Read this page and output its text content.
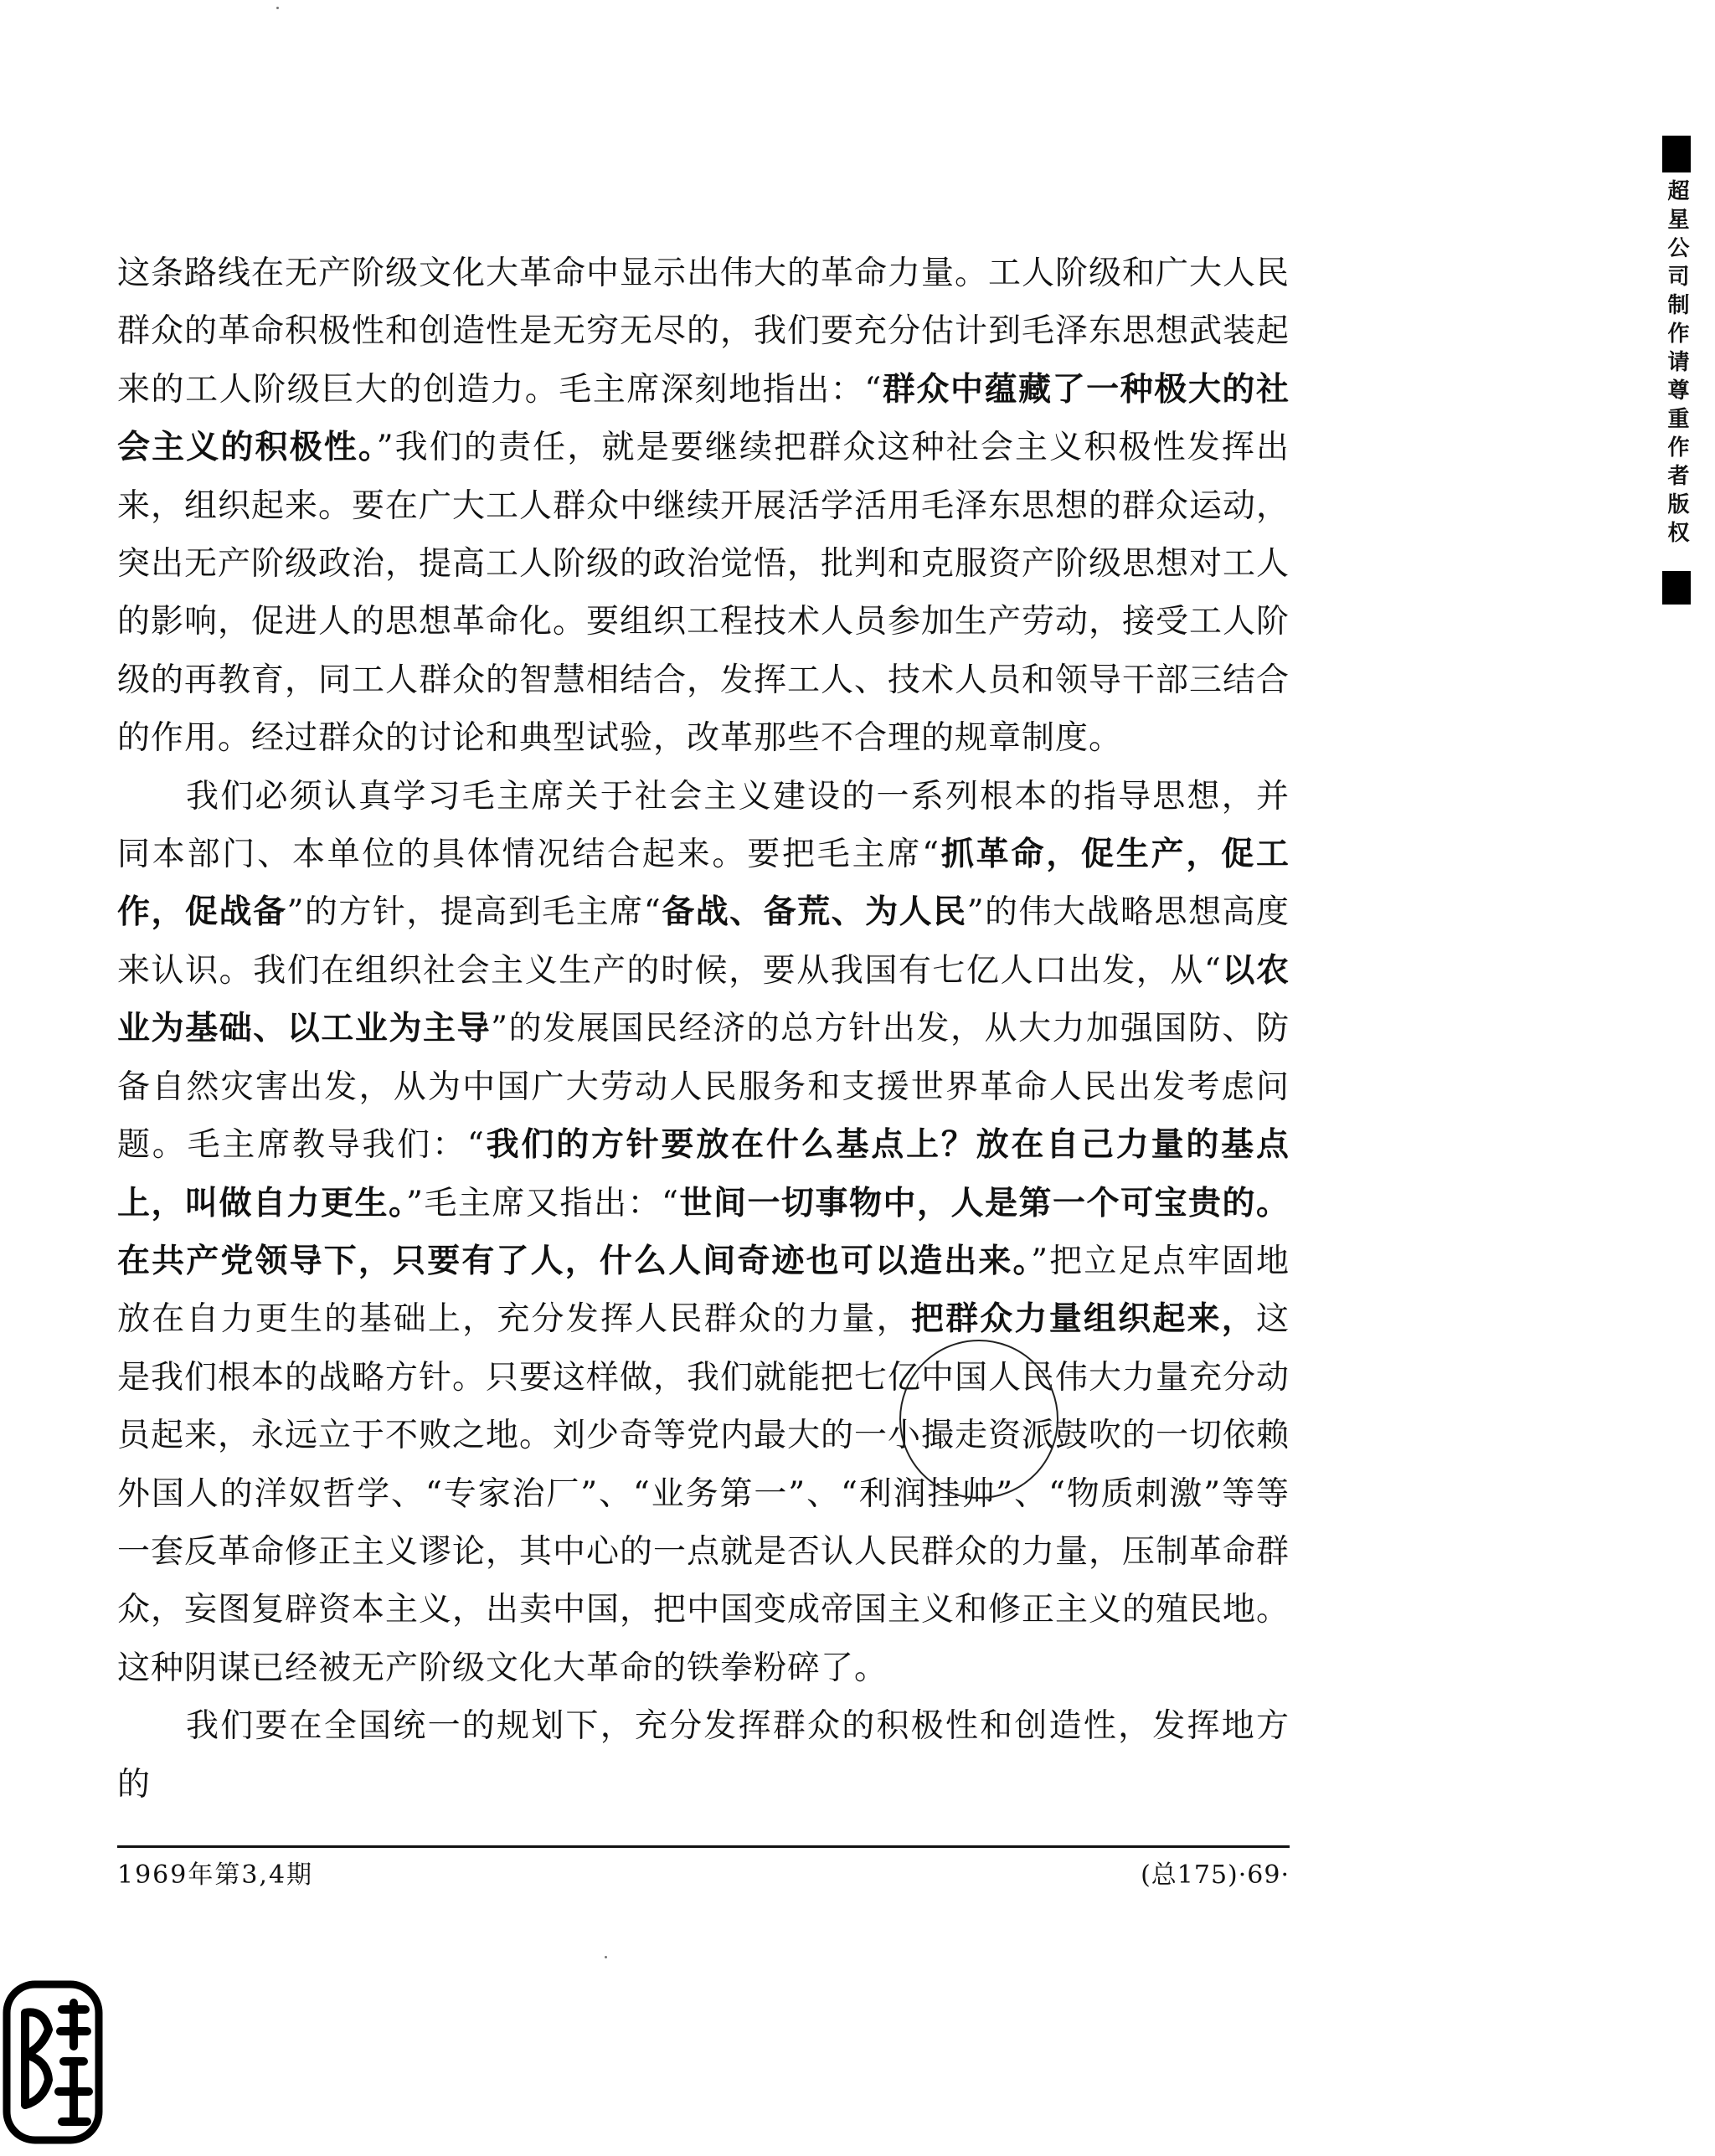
这条路线在无产阶级文化大革命中显示出伟大的革命力量。工人阶级和广大人民群众的革命积极性和创造性是无穷无尽的，我们要充分估计到毛泽东思想武装起来的工人阶级巨大的创造力。毛主席深刻地指出：“群众中蕴藏了一种极大的社会主义的积极性。”我们的责任，就是要继续把群众这种社会主义积极性发挥出来，组织起来。要在广大工人群众中继续开展活学活用毛泽东思想的群众运动，突出无产阶级政治，提高工人阶级的政治觉悟，批判和克服资产阶级思想对工人的影响，促进人的思想革命化。要组织工程技术人员参加生产劳动，接受工人阶级的再教育，同工人群众的智慧相结合，发挥工人、技术人员和领导干部三结合的作用。经过群众的讨论和典型试验，改革那些不合理的规章制度。

我们必须认真学习毛主席关于社会主义建设的一系列根本的指导思想，并同本部门、本单位的具体情况结合起来。要把毛主席“抓革命，促生产，促工作，促战备”的方针，提高到毛主席“备战、备荒、为人民”的伟大战略思想高度来认识。我们在组织社会主义生产的时候，要从我国有七亿人口出发，从“以农业为基础、以工业为主导”的发展国民经济的总方针出发，从大力加强国防、防备自然灾害出发，从为中国广大劳动人民服务和支援世界革命人民出发考虑问题。毛主席教导我们：“我们的方针要放在什么基点上？放在自己力量的基点上，叫做自力更生。”毛主席又指出：“世间一切事物中，人是第一个可宝贵的。在共产党领导下，只要有了人，什么人间奇迹也可以造出来。”把立足点牢固地放在自力更生的基础上，充分发挥人民群众的力量，把群众力量组织起来，这是我们根本的战略方针。只要这样做，我们就能把七亿中国人民伟大力量充分动员起来，永远立于不败之地。刘少奇等党内最大的一小撮走资派鼓吹的一切依赖外国人的洋奴哲学、“专家治厂”、“业务第一”、“利润挂帅”、“物质刺激”等等一套反革命修正主义谬论，其中心的一点就是否认人民群众的力量，压制革命群众，妄图复辟资本主义，出卖中国，把中国变成帝国主义和修正主义的殖民地。这种阴谋已经被无产阶级文化大革命的铁拳粉碎了。

我们要在全国统一的规划下，充分发挥群众的积极性和创造性，发挥地方的

1969年第3,4期	(总175)·69·
超星公司制作请尊重作者版权
